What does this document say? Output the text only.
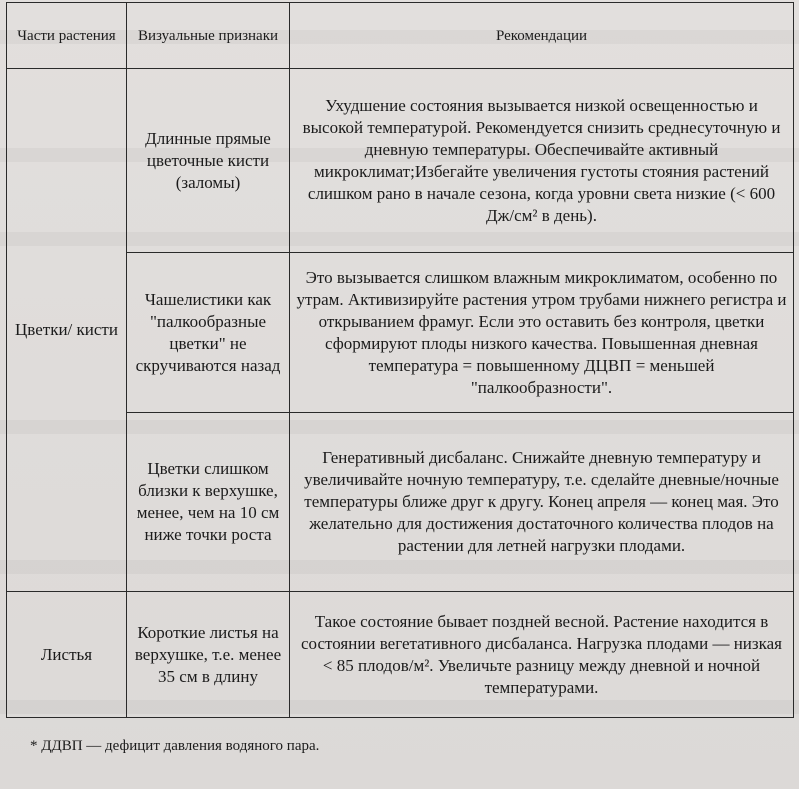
Части растения	Визуальные признаки	Рекомендации
Цветки/ кисти	Длинные прямые цветочные кисти (заломы)	Ухудшение состояния вызывается низкой освещенностью и высокой температурой. Рекомендуется снизить среднесуточную и дневную температуры. Обеспечивайте активный микроклимат;Избегайте увеличения густоты стояния растений слишком рано в начале сезона, когда уровни света низкие (< 600 Дж/см² в день).
	Чашелистики как "палкообразные цветки" не скручиваются назад	Это вызывается слишком влажным микроклиматом, особенно по утрам. Активизируйте растения утром трубами нижнего регистра и открыванием фрамуг. Если это оставить без контроля, цветки сформируют плоды низкого качества. Повышенная дневная температура = повышенному ДЦВП = меньшей "палкообразности".
	Цветки слишком близки к верхушке, менее, чем на 10 см ниже точки роста	Генеративный дисбаланс. Снижайте дневную температуру и увеличивайте ночную температуру, т.е. сделайте дневные/ночные температуры ближе друг к другу. Конец апреля — конец мая. Это желательно для достижения достаточного количества плодов на растении для летней нагрузки плодами.
Листья	Короткие листья на верхушке, т.е. менее 35 см в длину	Такое состояние бывает поздней весной. Растение находится в состоянии вегетативного дисбаланса. Нагрузка плодами — низкая < 85 плодов/м². Увеличьте разницу между дневной и ночной температурами.
* ДДВП — дефицит давления водяного пара.
